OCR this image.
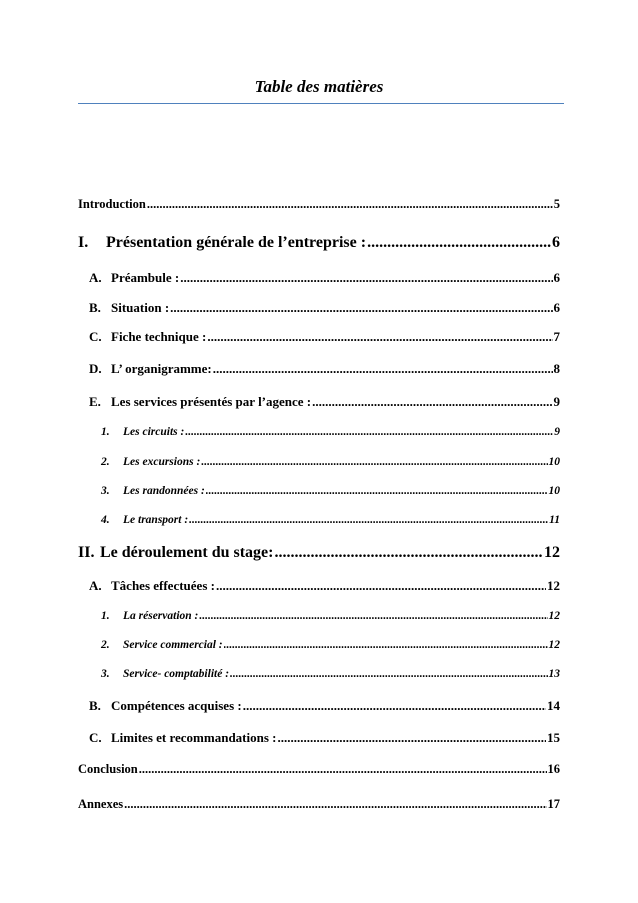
Table des matières
Introduction .....	5
I. Présentation générale de l’entreprise : .....	6
A. Préambule : .....	6
B. Situation : .....	6
C. Fiche technique : .....	7
D. L’ organigramme: .....	8
E. Les services présentés par l’agence : .....	9
1. Les circuits : .....	9
2. Les excursions : .....	10
3. Les randonnées : .....	10
4. Le transport : .....	11
II. Le déroulement du stage: .....	12
A. Tâches effectuées : .....	12
1. La réservation : .....	12
2. Service commercial : .....	12
3. Service- comptabilité : .....	13
B. Compétences acquises : .....	14
C. Limites et recommandations : .....	15
Conclusion .....	16
Annexes .....	17
